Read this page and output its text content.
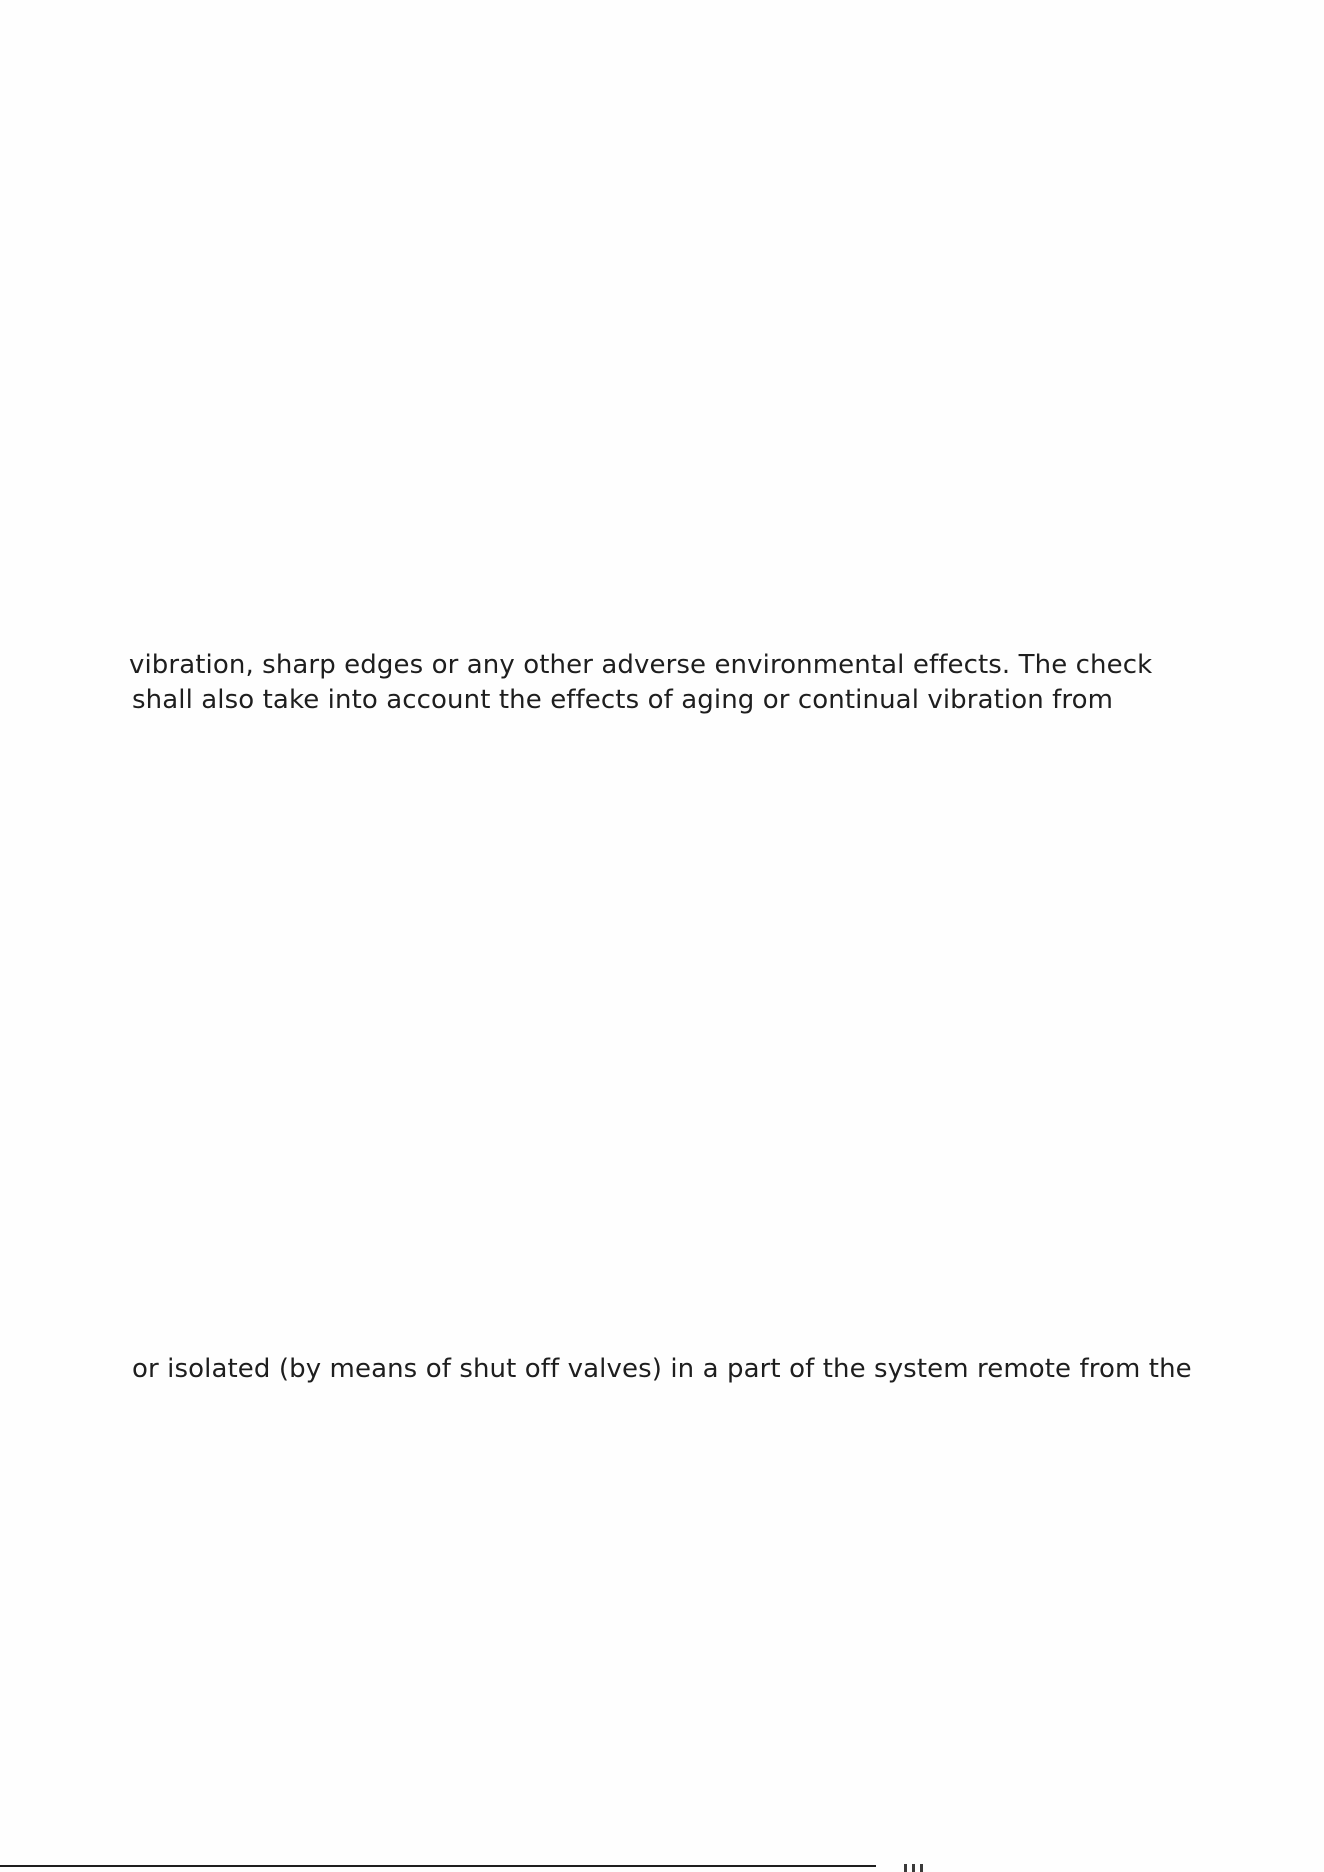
vibration, sharp edges or any other adverse environmental effects. The check
shall also take into account the effects of aging or continual vibration from
or isolated (by means of shut off valves) in a part of the system remote from the
